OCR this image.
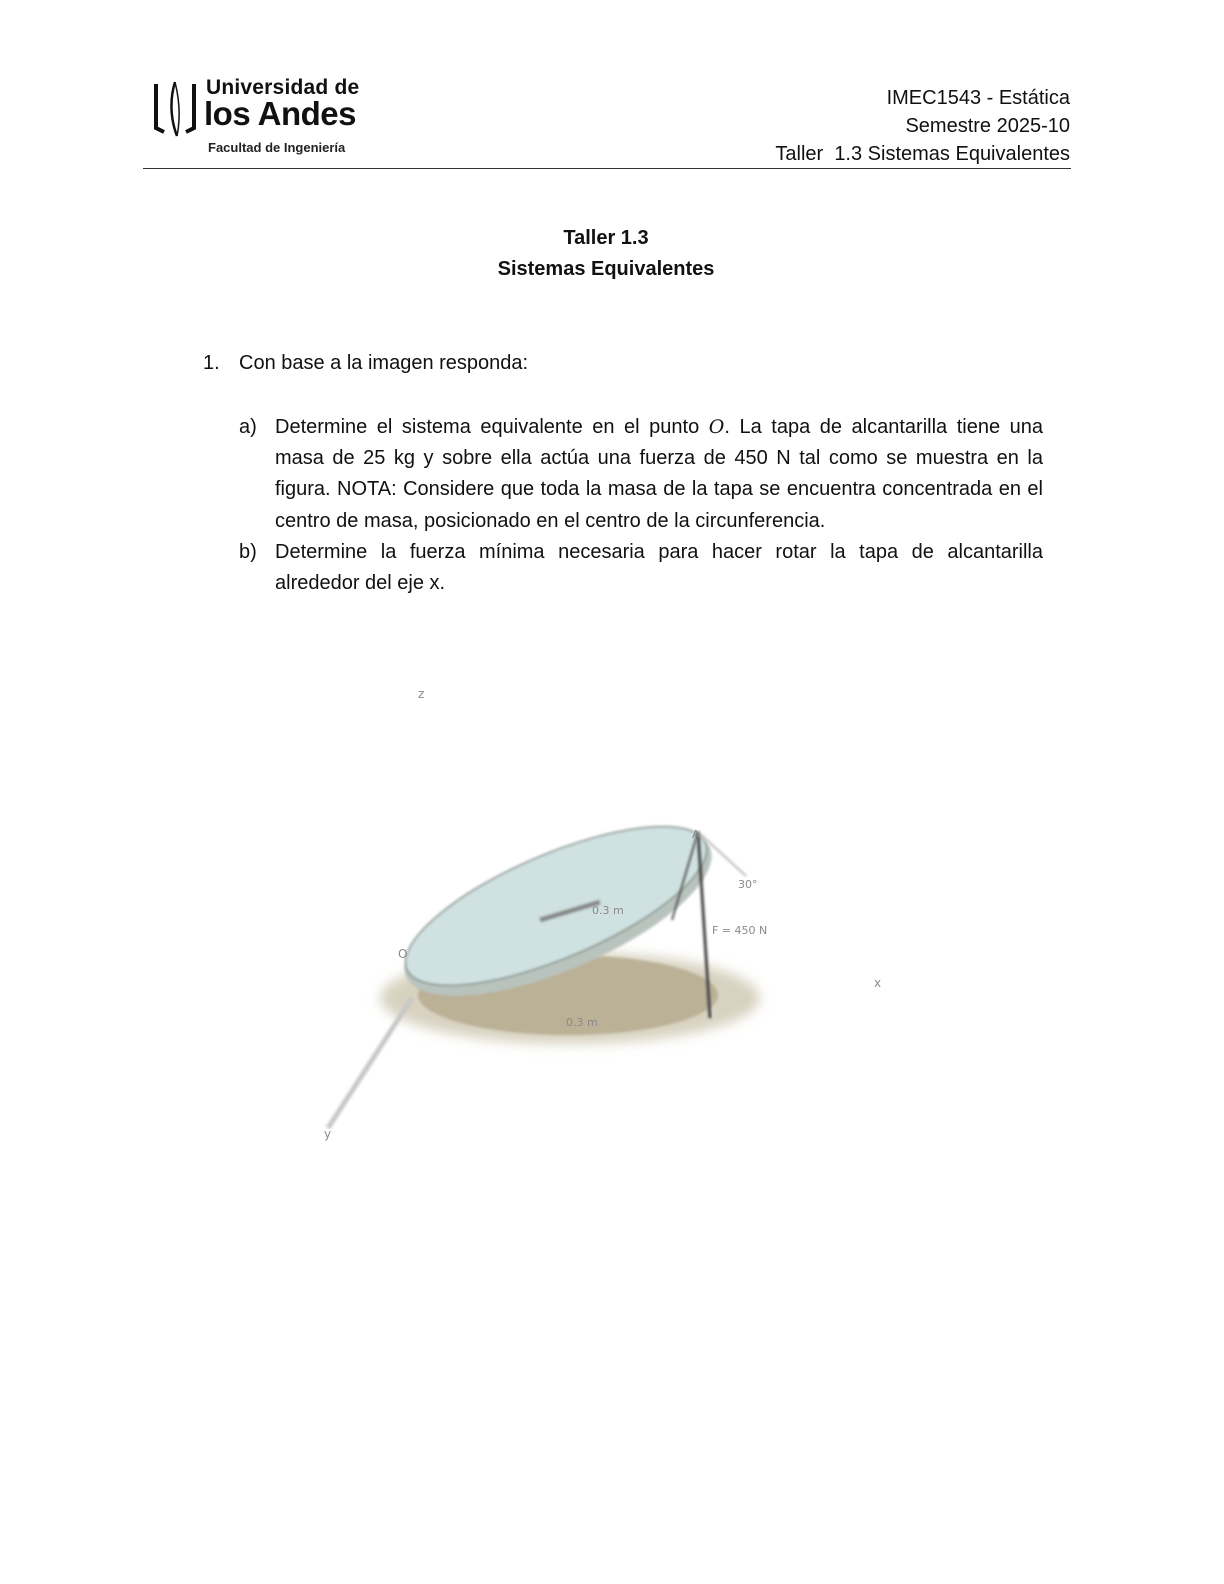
Universidad de
los Andes
Facultad de Ingeniería
IMEC1543 - Estática
Semestre 2025-10
Taller  1.3 Sistemas Equivalentes
Taller 1.3
Sistemas Equivalentes
1. Con base a la imagen responda:
a) Determine el sistema equivalente en el punto O. La tapa de alcantarilla tiene una masa de 25 kg y sobre ella actúa una fuerza de 450 N tal como se muestra en la figura. NOTA: Considere que toda la masa de la tapa se encuentra concentrada en el centro de masa, posicionado en el centro de la circunferencia.
b) Determine la fuerza mínima necesaria para hacer rotar la tapa de alcantarilla alrededor del eje x.
z
x
y
O
A
0.3 m
30°
F = 450 N
0.3 m
